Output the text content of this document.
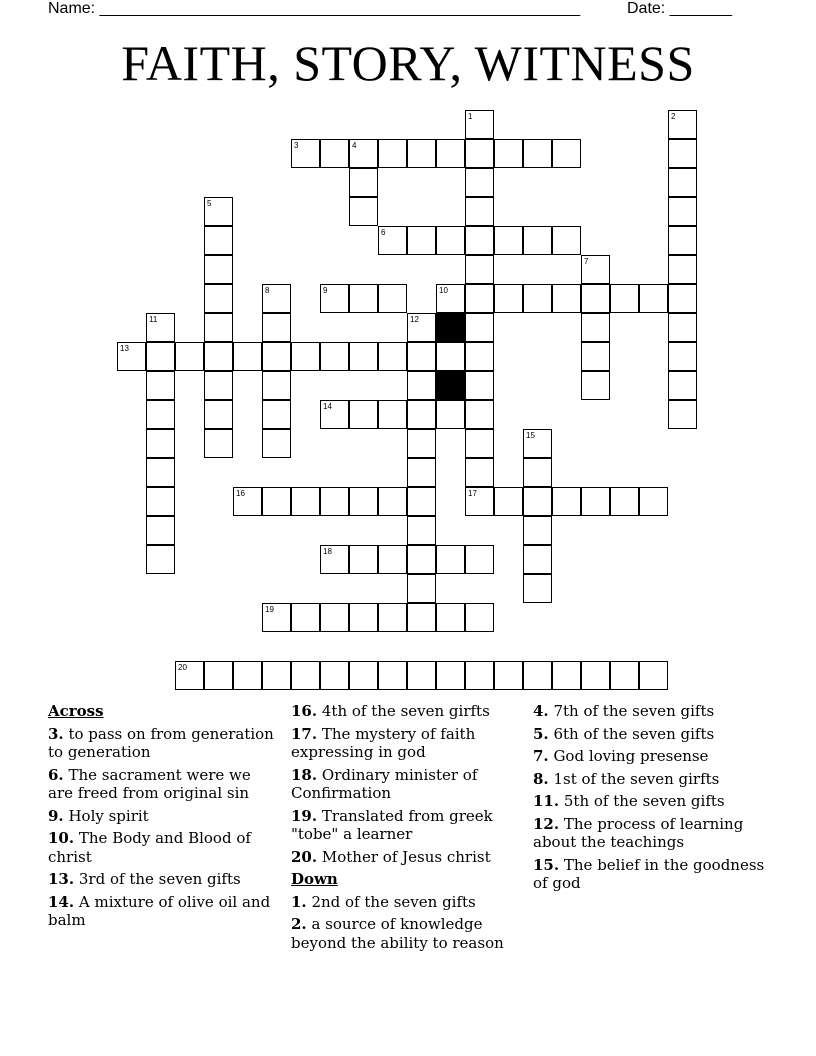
Name: ______________________________________________________	Date: _______
FAITH, STORY, WITNESS
3	4
6
9	10
13
14
16	17
18
19
20
1	2
5
7
8
11	12
15
Across
3. to pass on from generation to generation
6. The sacrament were we are freed from original sin
9. Holy spirit
10. The Body and Blood of christ
13. 3rd of the seven gifts
14. A mixture of olive oil and balm
16. 4th of the seven girfts
17. The mystery of faith expressing in god
18. Ordinary minister of Confirmation
19. Translated from greek "tobe" a learner
20. Mother of Jesus christ
Down
1. 2nd of the seven gifts
2. a source of knowledge beyond the ability to reason
4. 7th of the seven gifts
5. 6th of the seven gifts
7. God loving presense
8. 1st of the seven girfts
11. 5th of the seven gifts
12. The process of learning about the teachings
15. The belief in the goodness of god
